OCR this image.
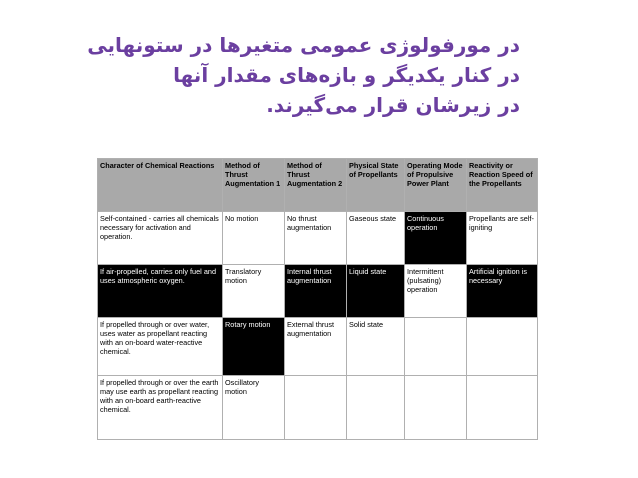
در مورفولوژی عمومی متغیرها در ستونهایی
در کنار یکدیگر و بازه‌های مقدار آنها
در زیرشان قرار می‌گیرند.
Character of Chemical Reactions	Method of Thrust Augmentation 1	Method of Thrust Augmentation 2	Physical State of Propellants	Operating Mode of Propulsive Power Plant	Reactivity or Reaction Speed of the Propellants
Self-contained - carries all chemicals necessary for activation and operation.	No motion	No thrust augmentation	Gaseous state	Continuous operation	Propellants are self-igniting
If air-propelled, carries only fuel and uses atmospheric oxygen.	Translatory motion	Internal thrust augmentation	Liquid state	Intermittent (pulsating) operation	Artificial ignition is necessary
If propelled through or over water, uses water as propellant reacting with an on-board water-reactive chemical.	Rotary motion	External thrust augmentation	Solid state		
If propelled through or over the earth may use earth as propellant reacting with an on-board earth-reactive chemical.	Oscillatory motion				
